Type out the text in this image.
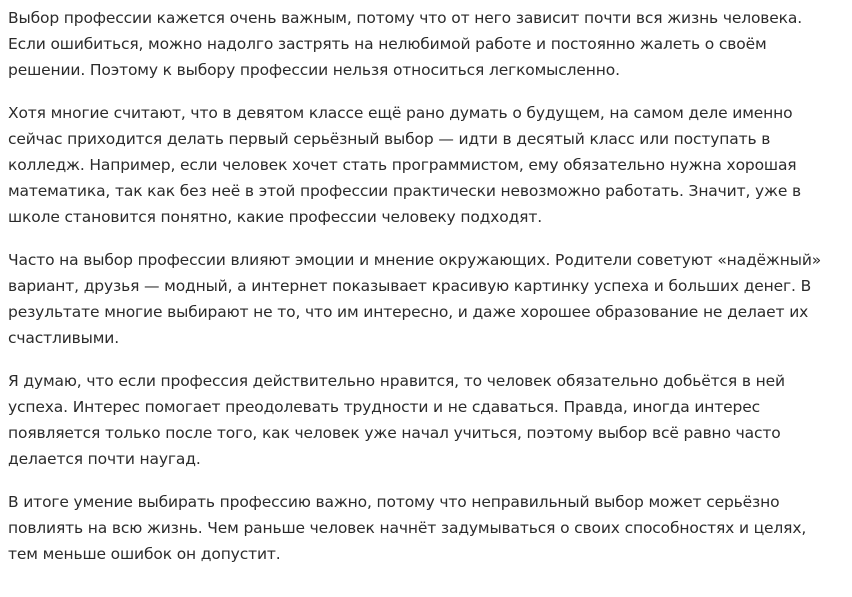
Выбор профессии кажется очень важным, потому что от него зависит почти вся жизнь человека.
Если ошибиться, можно надолго застрять на нелюбимой работе и постоянно жалеть о своём
решении. Поэтому к выбору профессии нельзя относиться легкомысленно.

Хотя многие считают, что в девятом классе ещё рано думать о будущем, на самом деле именно
сейчас приходится делать первый серьёзный выбор — идти в десятый класс или поступать в
колледж. Например, если человек хочет стать программистом, ему обязательно нужна хорошая
математика, так как без неё в этой профессии практически невозможно работать. Значит, уже в
школе становится понятно, какие профессии человеку подходят.

Часто на выбор профессии влияют эмоции и мнение окружающих. Родители советуют «надёжный»
вариант, друзья — модный, а интернет показывает красивую картинку успеха и больших денег. В
результате многие выбирают не то, что им интересно, и даже хорошее образование не делает их
счастливыми.

Я думаю, что если профессия действительно нравится, то человек обязательно добьётся в ней
успеха. Интерес помогает преодолевать трудности и не сдаваться. Правда, иногда интерес
появляется только после того, как человек уже начал учиться, поэтому выбор всё равно часто
делается почти наугад.

В итоге умение выбирать профессию важно, потому что неправильный выбор может серьёзно
повлиять на всю жизнь. Чем раньше человек начнёт задумываться о своих способностях и целях,
тем меньше ошибок он допустит.
